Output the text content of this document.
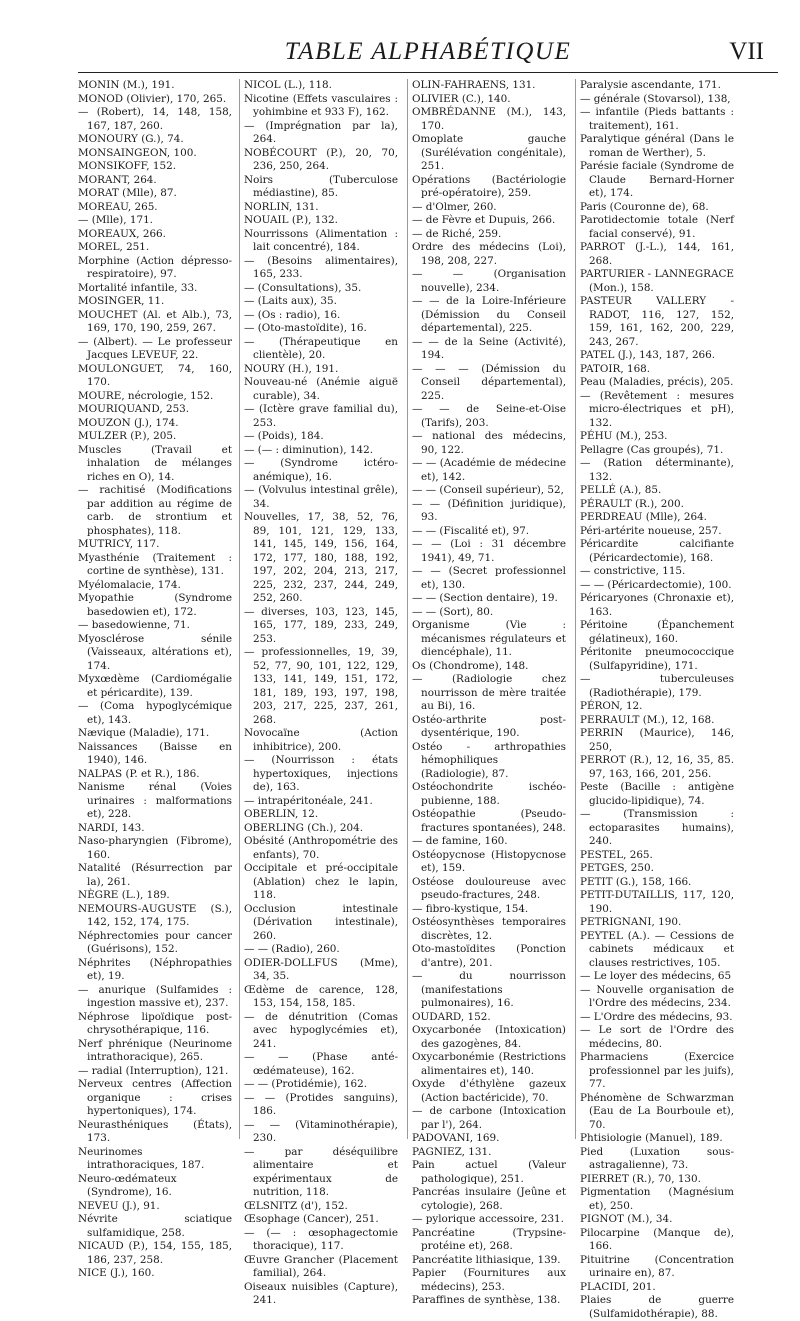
TABLE ALPHABÉTIQUE	VII

MONIN (M.), 191.

MONOD (Olivier), 170, 265.

— (Robert), 14, 148, 158, 167, 187, 260.

MONOURY (G.), 74.

MONSAINGEON, 100.

MONSIKOFF, 152.

MORANT, 264.

MORAT (Mlle), 87.

MOREAU, 265.

— (Mlle), 171.

MOREAUX, 266.

MOREL, 251.

Morphine (Action dépresso-respiratoire), 97.

Mortalité infantile, 33.

MOSINGER, 11.

MOUCHET (Al. et Alb.), 73, 169, 170, 190, 259, 267.

— (Albert). — Le professeur Jacques LEVEUF, 22.

MOULONGUET, 74, 160, 170.

MOURE, nécrologie, 152.

MOURIQUAND, 253.

MOUZON (J.), 174.

MULZER (P.), 205.

Muscles (Travail et inhalation de mélanges riches en O), 14.

— rachitisé (Modifications par addition au régime de carb. de strontium et phosphates), 118.

MUTRICY, 117.

Myasthénie (Traitement : cortine de synthèse), 131.

Myélomalacie, 174.

Myopathie (Syndrome basedowien et), 172.

— basedowienne, 71.

Myosclérose sénile (Vaisseaux, altérations et), 174.

Myxœdème (Cardiomégalie et péricardite), 139.

— (Coma hypoglycémique et), 143.

Nævique (Maladie), 171.

Naissances (Baisse en 1940), 146.

NALPAS (P. et R.), 186.

Nanisme rénal (Voies urinaires : malformations et), 228.

NARDI, 143.

Naso-pharyngien (Fibrome), 160.

Natalité (Résurrection par la), 261.

NÈGRE (L.), 189.

NEMOURS-AUGUSTE (S.), 142, 152, 174, 175.

Néphrectomies pour cancer (Guérisons), 152.

Néphrites (Néphropathies et), 19.

— anurique (Sulfamides : ingestion massive et), 237.

Néphrose lipoïdique post-chrysothérapique, 116.

Nerf phrénique (Neurinome intrathoracique), 265.

— radial (Interruption), 121.

Nerveux centres (Affection organique : crises hypertoniques), 174.

Neurasthéniques (États), 173.

Neurinomes intrathoraciques, 187.

Neuro-œdémateux (Syndrome), 16.

NEVEU (J.), 91.

Névrite sciatique sulfamidique, 258.

NICAUD (P.), 154, 155, 185, 186, 237, 258.

NICE (J.), 160.

NICOL (L.), 118.

Nicotine (Effets vasculaires : yohimbine et 933 F), 162.

— (Imprégnation par la), 264.

NOBÉCOURT (P.), 20, 70, 236, 250, 264.

Noirs (Tuberculose médiastine), 85.

NORLIN, 131.

NOUAIL (P.), 132.

Nourrissons (Alimentation : lait concentré), 184.

— (Besoins alimentaires), 165, 233.

— (Consultations), 35.

— (Laits aux), 35.

— (Os : radio), 16.

— (Oto-mastoïdite), 16.

— (Thérapeutique en clientèle), 20.

NOURY (H.), 191.

Nouveau-né (Anémie aiguë curable), 34.

— (Ictère grave familial du), 253.

— (Poids), 184.

— (— : diminution), 142.

— (Syndrome ictéro-anémique), 16.

— (Volvulus intestinal grêle), 34.

Nouvelles, 17, 38, 52, 76, 89, 101, 121, 129, 133, 141, 145, 149, 156, 164, 172, 177, 180, 188, 192, 197, 202, 204, 213, 217, 225, 232, 237, 244, 249, 252, 260.

— diverses, 103, 123, 145, 165, 177, 189, 233, 249, 253.

— professionnelles, 19, 39, 52, 77, 90, 101, 122, 129, 133, 141, 149, 151, 172, 181, 189, 193, 197, 198, 203, 217, 225, 237, 261, 268.

Novocaïne (Action inhibitrice), 200.

— (Nourrisson : états hypertoxiques, injections de), 163.

— intrapéritonéale, 241.

OBERLIN, 12.

OBERLING (Ch.), 204.

Obésité (Anthropométrie des enfants), 70.

Occipitale et pré-occipitale (Ablation) chez le lapin, 118.

Occlusion intestinale (Dérivation intestinale), 260.

— — (Radio), 260.

ODIER-DOLLFUS (Mme), 34, 35.

Œdème de carence, 128, 153, 154, 158, 185.

— de dénutrition (Comas avec hypoglycémies et), 241.

— — (Phase anté-œdémateuse), 162.

— — (Protidémie), 162.

— — (Protides sanguins), 186.

— — (Vitaminothérapie), 230.

— par déséquilibre alimentaire et expérimentaux de nutrition, 118.

ŒLSNITZ (d'), 152.

Œsophage (Cancer), 251.

— (— : œsophagectomie thoracique), 117.

Œuvre Grancher (Placement familial), 264.

Oiseaux nuisibles (Capture), 241.

OLIN-FAHRAENS, 131.

OLIVIER (C.), 140.

OMBRÉDANNE (M.), 143, 170.

Omoplate gauche (Surélévation congénitale), 251.

Opérations (Bactériologie pré-opératoire), 259.

— d'Olmer, 260.

— de Fèvre et Dupuis, 266.

— de Riché, 259.

Ordre des médecins (Loi), 198, 208, 227.

— — (Organisation nouvelle), 234.

— — de la Loire-Inférieure (Démission du Conseil départemental), 225.

— — de la Seine (Activité), 194.

— — — (Démission du Conseil départemental), 225.

— — de Seine-et-Oise (Tarifs), 203.

— national des médecins, 90, 122.

— — (Académie de médecine et), 142.

— — (Conseil supérieur), 52,

— — (Définition juridique), 93.

— — (Fiscalité et), 97.

— — (Loi : 31 décembre 1941), 49, 71.

— — (Secret professionnel et), 130.

— — (Section dentaire), 19.

— — (Sort), 80.

Organisme (Vie : mécanismes régulateurs et diencéphale), 11.

Os (Chondrome), 148.

— (Radiologie chez nourrisson de mère traitée au Bi), 16.

Ostéo-arthrite post-dysentérique, 190.

Ostéo - arthropathies hémophiliques (Radiologie), 87.

Ostéochondrite ischéo-pubienne, 188.

Ostéopathie (Pseudo-fractures spontanées), 248.

— de famine, 160.

Ostéopycnose (Histopycnose et), 159.

Ostéose douloureuse avec pseudo-fractures, 248.

— fibro-kystique, 154.

Ostéosynthèses temporaires discrètes, 12.

Oto-mastoïdites (Ponction d'antre), 201.

— du nourrisson (manifestations pulmonaires), 16.

OUDARD, 152.

Oxycarbonée (Intoxication) des gazogènes, 84.

Oxycarbonémie (Restrictions alimentaires et), 140.

Oxyde d'éthylène gazeux (Action bactéricide), 70.

— de carbone (Intoxication par l'), 264.

PADOVANI, 169.

PAGNIEZ, 131.

Pain actuel (Valeur pathologique), 251.

Pancréas insulaire (Jeûne et cytologie), 268.

— pylorique accessoire, 231.

Pancréatine (Trypsine-protéine et), 268.

Pancréatite lithiasique, 139.

Papier (Fournitures aux médecins), 253.

Paraffines de synthèse, 138.

Paralysie ascendante, 171.

— générale (Stovarsol), 138,

— infantile (Pieds battants : traitement), 161.

Paralytique général (Dans le roman de Werther), 5.

Parésie faciale (Syndrome de Claude Bernard-Horner et), 174.

Paris (Couronne de), 68.

Parotidectomie totale (Nerf facial conservé), 91.

PARROT (J.-L.), 144, 161, 268.

PARTURIER - LANNEGRACE (Mon.), 158.

PASTEUR VALLERY - RADOT, 116, 127, 152, 159, 161, 162, 200, 229, 243, 267.

PATEL (J.), 143, 187, 266.

PATOIR, 168.

Peau (Maladies, précis), 205.

— (Revêtement : mesures micro-électriques et pH), 132.

PÉHU (M.), 253.

Pellagre (Cas groupés), 71.

— (Ration déterminante), 132.

PELLÉ (A.), 85.

PÉRAULT (R.), 200.

PERDREAU (Mlle), 264.

Péri-artérite noueuse, 257.

Péricardite calcifiante (Péricardectomie), 168.

— constrictive, 115.

— — (Péricardectomie), 100.

Péricaryones (Chronaxie et), 163.

Péritoine (Épanchement gélatineux), 160.

Péritonite pneumococcique (Sulfapyridine), 171.

— tuberculeuses (Radiothérapie), 179.

PÉRON, 12.

PERRAULT (M.), 12, 168.

PERRIN (Maurice), 146, 250,

PERROT (R.), 12, 16, 35, 85. 97, 163, 166, 201, 256.

Peste (Bacille : antigène glucido-lipidique), 74.

— (Transmission : ectoparasites humains), 240.

PESTEL, 265.

PETGES, 250.

PETIT (G.), 158, 166.

PETIT-DUTAILLIS, 117, 120, 190.

PETRIGNANI, 190.

PEYTEL (A.). — Cessions de cabinets médicaux et clauses restrictives, 105.

— Le loyer des médecins, 65

— Nouvelle organisation de l'Ordre des médecins, 234.

— L'Ordre des médecins, 93.

— Le sort de l'Ordre des médecins, 80.

Pharmaciens (Exercice professionnel par les juifs), 77.

Phénomène de Schwarzman (Eau de La Bourboule et), 70.

Phtisiologie (Manuel), 189.

Pied (Luxation sous-astragalienne), 73.

PIERRET (R.), 70, 130.

Pigmentation (Magnésium et), 250.

PIGNOT (M.), 34.

Pilocarpine (Manque de), 166.

Pituitrine (Concentration urinaire en), 87.

PLACIDI, 201.

Plaies de guerre (Sulfamidothérapie), 88.
